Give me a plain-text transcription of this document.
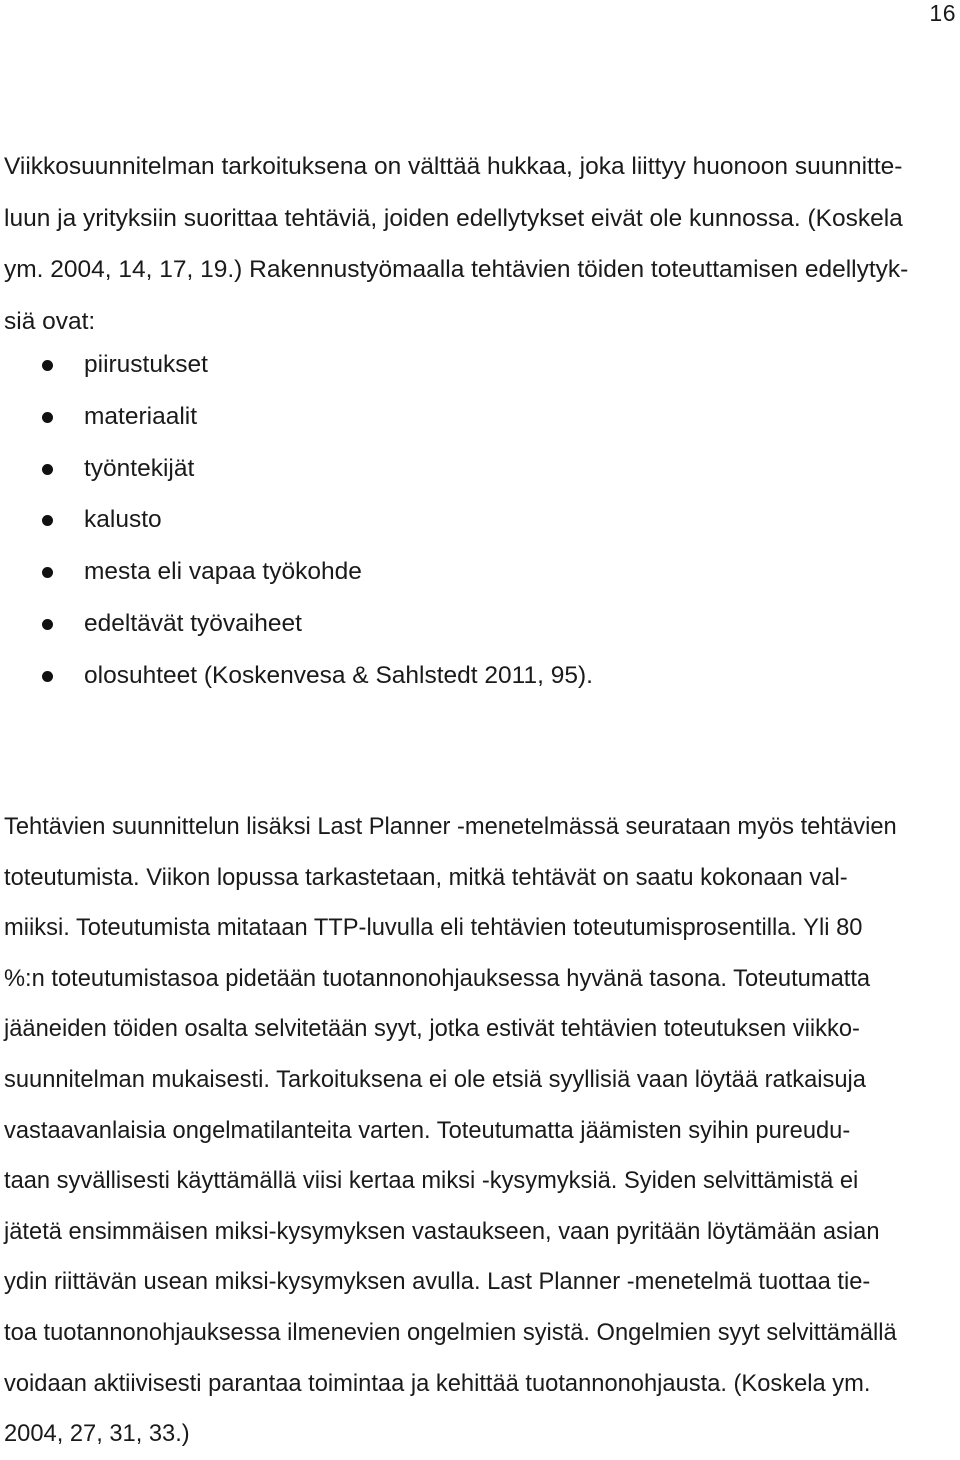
16

Viikkosuunnitelman tarkoituksena on välttää hukkaa, joka liittyy huonoon suunnitte-
luun ja yrityksiin suorittaa tehtäviä, joiden edellytykset eivät ole kunnossa. (Koskela
ym. 2004, 14, 17, 19.) Rakennustyömaalla tehtävien töiden toteuttamisen edellytyk-
siä ovat:

piirustukset
materiaalit
työntekijät
kalusto
mesta eli vapaa työkohde
edeltävät työvaiheet
olosuhteet (Koskenvesa & Sahlstedt 2011, 95).

Tehtävien suunnittelun lisäksi Last Planner -menetelmässä seurataan myös tehtävien
toteutumista. Viikon lopussa tarkastetaan, mitkä tehtävät on saatu kokonaan val-
miiksi. Toteutumista mitataan TTP-luvulla eli tehtävien toteutumisprosentilla. Yli 80
%:n toteutumistasoa pidetään tuotannonohjauksessa hyvänä tasona. Toteutumatta
jääneiden töiden osalta selvitetään syyt, jotka estivät tehtävien toteutuksen viikko-
suunnitelman mukaisesti. Tarkoituksena ei ole etsiä syyllisiä vaan löytää ratkaisuja
vastaavanlaisia ongelmatilanteita varten. Toteutumatta jäämisten syihin pureudu-
taan syvällisesti käyttämällä viisi kertaa miksi -kysymyksiä. Syiden selvittämistä ei
jätetä ensimmäisen miksi-kysymyksen vastaukseen, vaan pyritään löytämään asian
ydin riittävän usean miksi-kysymyksen avulla. Last Planner -menetelmä tuottaa tie-
toa tuotannonohjauksessa ilmenevien ongelmien syistä. Ongelmien syyt selvittämällä
voidaan aktiivisesti parantaa toimintaa ja kehittää tuotannonohjausta. (Koskela ym.
2004, 27, 31, 33.)
